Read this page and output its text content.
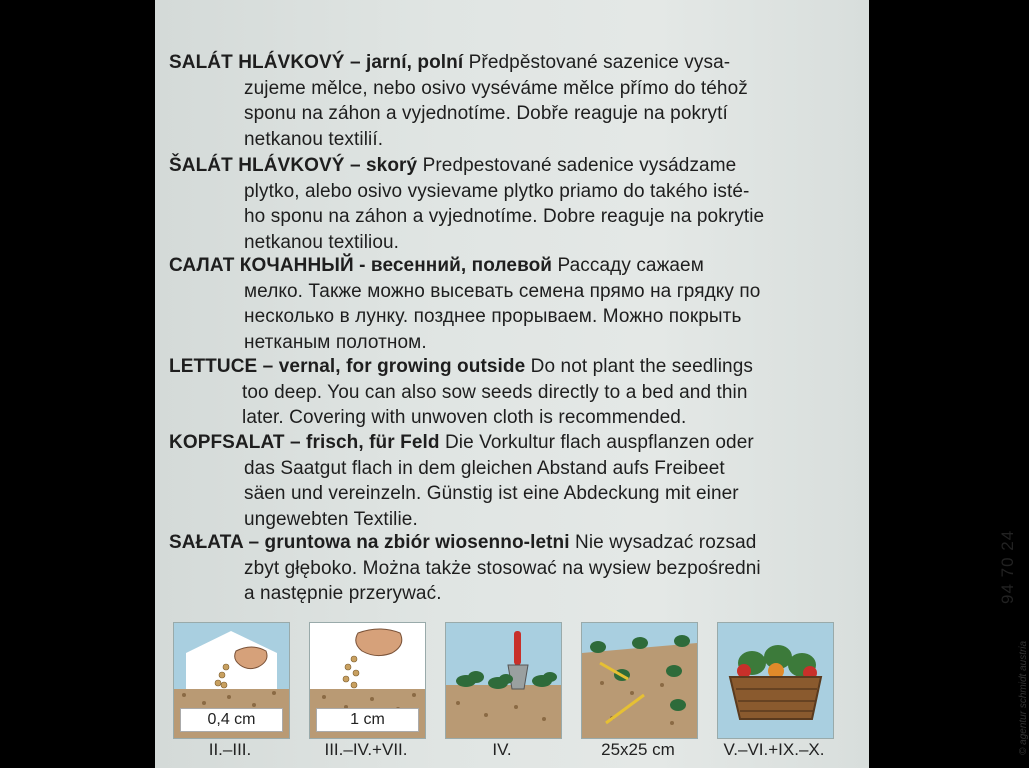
SALÁT HLÁVKOVÝ – jarní, polní Předpěstované sazenice vysa-
zujeme mělce, nebo osivo vyséváme mělce přímo do téhož
sponu na záhon a vyjednotíme. Dobře reaguje na pokrytí
netkanou textilií.
ŠALÁT HLÁVKOVÝ – skorý Predpestované sadenice vysádzame
plytko, alebo osivo vysievame plytko priamo do takého isté-
ho sponu na záhon a vyjednotíme. Dobre reaguje na pokrytie
netkanou textiliou.
САЛАТ КОЧАННЫЙ - весенний, полевой Рассаду сажаем
мелко. Также можно высевать семена прямо на грядку по
несколько в лунку. позднее прорываем. Можно покрыть
нетканым полотном.
LETTUCE – vernal, for growing outside Do not plant the seedlings
too deep. You can also sow seeds directly to a bed and thin
later. Covering with unwoven cloth is recommended.
KOPFSALAT – frisch, für Feld Die Vorkultur flach auspflanzen oder
das Saatgut flach in dem gleichen Abstand aufs Freibeet
säen und vereinzeln. Günstig ist eine Abdeckung mit einer
ungewebten Textilie.
SAŁATA – gruntowa na zbiór wiosenno-letni Nie wysadzać rozsad
zbyt głęboko. Można także stosować na wysiew bezpośredni
a następnie przerywać.
0,4 cm
II.–III.
1 cm
III.–IV.+VII.	IV.	25x25 cm	V.–VI.+IX.–X.
94 70 24
© agentur schmidt austria
